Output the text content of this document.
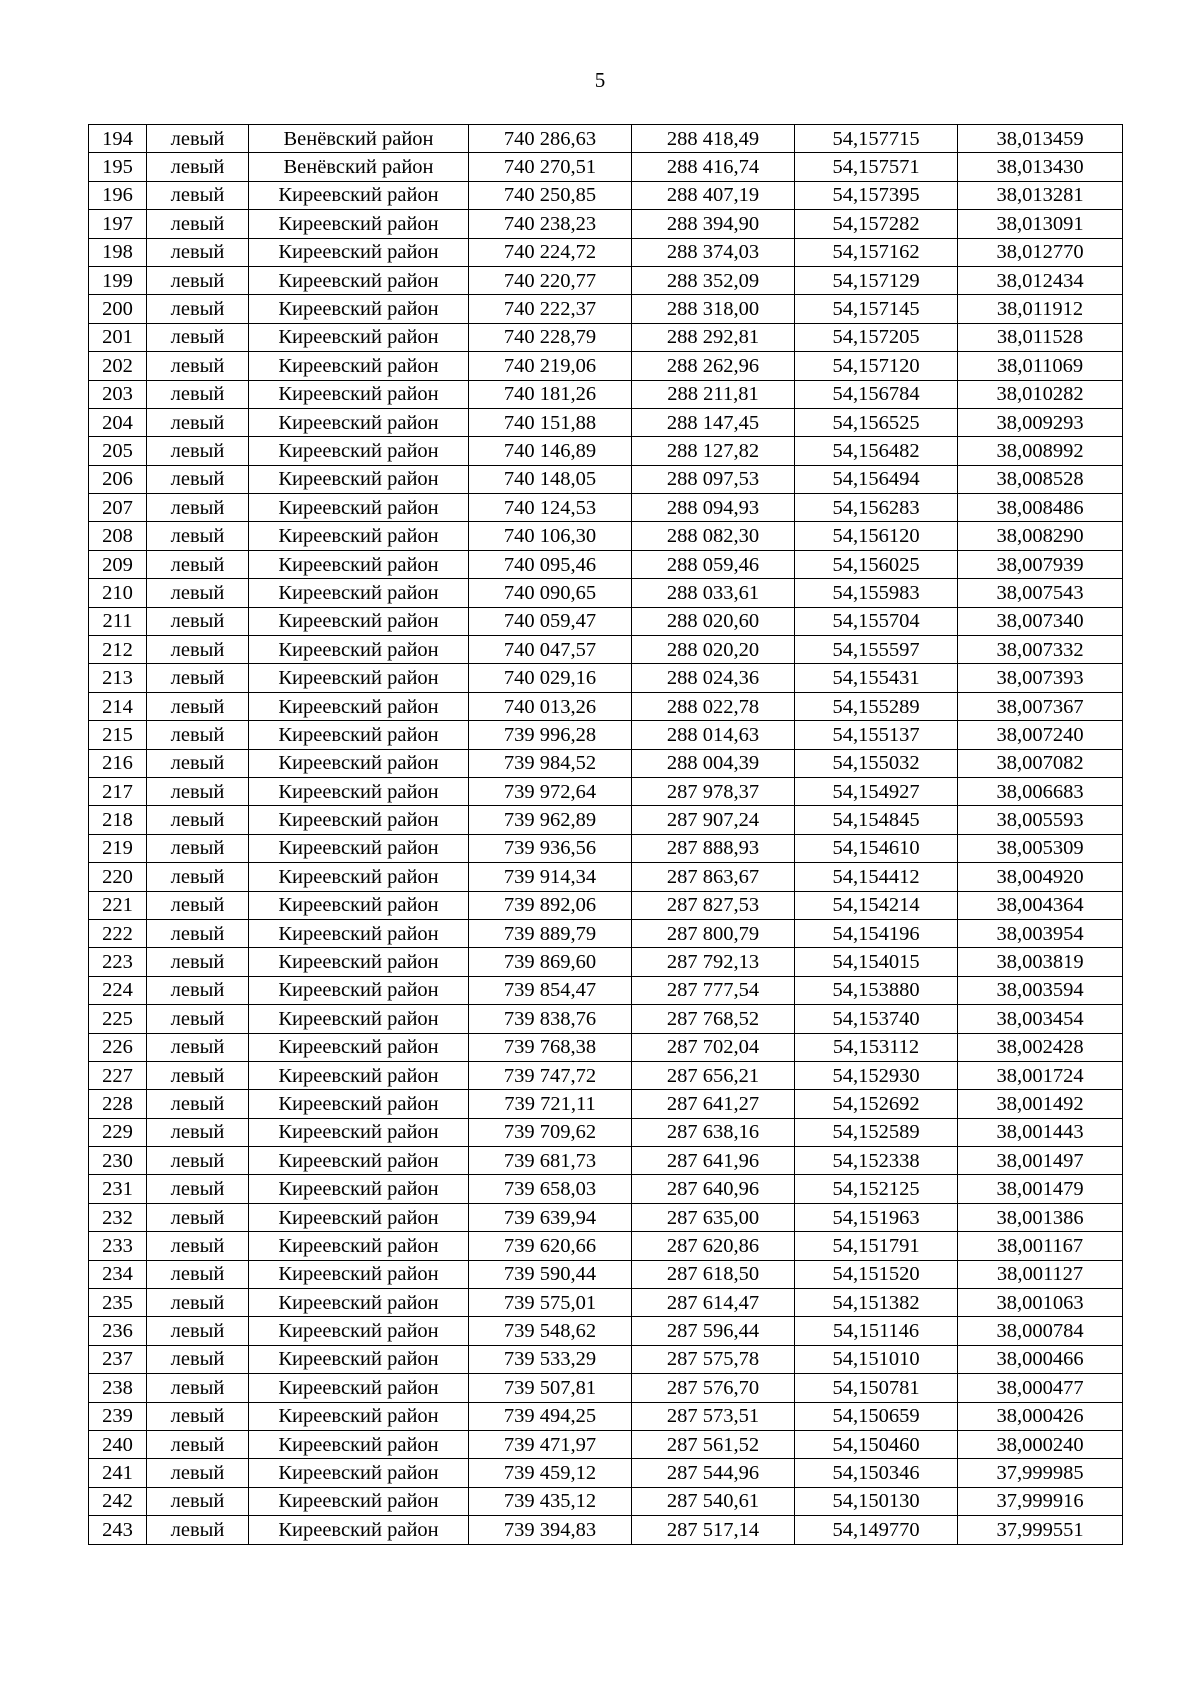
5
194	левый	Венёвский район	740 286,63	288 418,49	54,157715	38,013459
195	левый	Венёвский район	740 270,51	288 416,74	54,157571	38,013430
196	левый	Киреевский район	740 250,85	288 407,19	54,157395	38,013281
197	левый	Киреевский район	740 238,23	288 394,90	54,157282	38,013091
198	левый	Киреевский район	740 224,72	288 374,03	54,157162	38,012770
199	левый	Киреевский район	740 220,77	288 352,09	54,157129	38,012434
200	левый	Киреевский район	740 222,37	288 318,00	54,157145	38,011912
201	левый	Киреевский район	740 228,79	288 292,81	54,157205	38,011528
202	левый	Киреевский район	740 219,06	288 262,96	54,157120	38,011069
203	левый	Киреевский район	740 181,26	288 211,81	54,156784	38,010282
204	левый	Киреевский район	740 151,88	288 147,45	54,156525	38,009293
205	левый	Киреевский район	740 146,89	288 127,82	54,156482	38,008992
206	левый	Киреевский район	740 148,05	288 097,53	54,156494	38,008528
207	левый	Киреевский район	740 124,53	288 094,93	54,156283	38,008486
208	левый	Киреевский район	740 106,30	288 082,30	54,156120	38,008290
209	левый	Киреевский район	740 095,46	288 059,46	54,156025	38,007939
210	левый	Киреевский район	740 090,65	288 033,61	54,155983	38,007543
211	левый	Киреевский район	740 059,47	288 020,60	54,155704	38,007340
212	левый	Киреевский район	740 047,57	288 020,20	54,155597	38,007332
213	левый	Киреевский район	740 029,16	288 024,36	54,155431	38,007393
214	левый	Киреевский район	740 013,26	288 022,78	54,155289	38,007367
215	левый	Киреевский район	739 996,28	288 014,63	54,155137	38,007240
216	левый	Киреевский район	739 984,52	288 004,39	54,155032	38,007082
217	левый	Киреевский район	739 972,64	287 978,37	54,154927	38,006683
218	левый	Киреевский район	739 962,89	287 907,24	54,154845	38,005593
219	левый	Киреевский район	739 936,56	287 888,93	54,154610	38,005309
220	левый	Киреевский район	739 914,34	287 863,67	54,154412	38,004920
221	левый	Киреевский район	739 892,06	287 827,53	54,154214	38,004364
222	левый	Киреевский район	739 889,79	287 800,79	54,154196	38,003954
223	левый	Киреевский район	739 869,60	287 792,13	54,154015	38,003819
224	левый	Киреевский район	739 854,47	287 777,54	54,153880	38,003594
225	левый	Киреевский район	739 838,76	287 768,52	54,153740	38,003454
226	левый	Киреевский район	739 768,38	287 702,04	54,153112	38,002428
227	левый	Киреевский район	739 747,72	287 656,21	54,152930	38,001724
228	левый	Киреевский район	739 721,11	287 641,27	54,152692	38,001492
229	левый	Киреевский район	739 709,62	287 638,16	54,152589	38,001443
230	левый	Киреевский район	739 681,73	287 641,96	54,152338	38,001497
231	левый	Киреевский район	739 658,03	287 640,96	54,152125	38,001479
232	левый	Киреевский район	739 639,94	287 635,00	54,151963	38,001386
233	левый	Киреевский район	739 620,66	287 620,86	54,151791	38,001167
234	левый	Киреевский район	739 590,44	287 618,50	54,151520	38,001127
235	левый	Киреевский район	739 575,01	287 614,47	54,151382	38,001063
236	левый	Киреевский район	739 548,62	287 596,44	54,151146	38,000784
237	левый	Киреевский район	739 533,29	287 575,78	54,151010	38,000466
238	левый	Киреевский район	739 507,81	287 576,70	54,150781	38,000477
239	левый	Киреевский район	739 494,25	287 573,51	54,150659	38,000426
240	левый	Киреевский район	739 471,97	287 561,52	54,150460	38,000240
241	левый	Киреевский район	739 459,12	287 544,96	54,150346	37,999985
242	левый	Киреевский район	739 435,12	287 540,61	54,150130	37,999916
243	левый	Киреевский район	739 394,83	287 517,14	54,149770	37,999551
